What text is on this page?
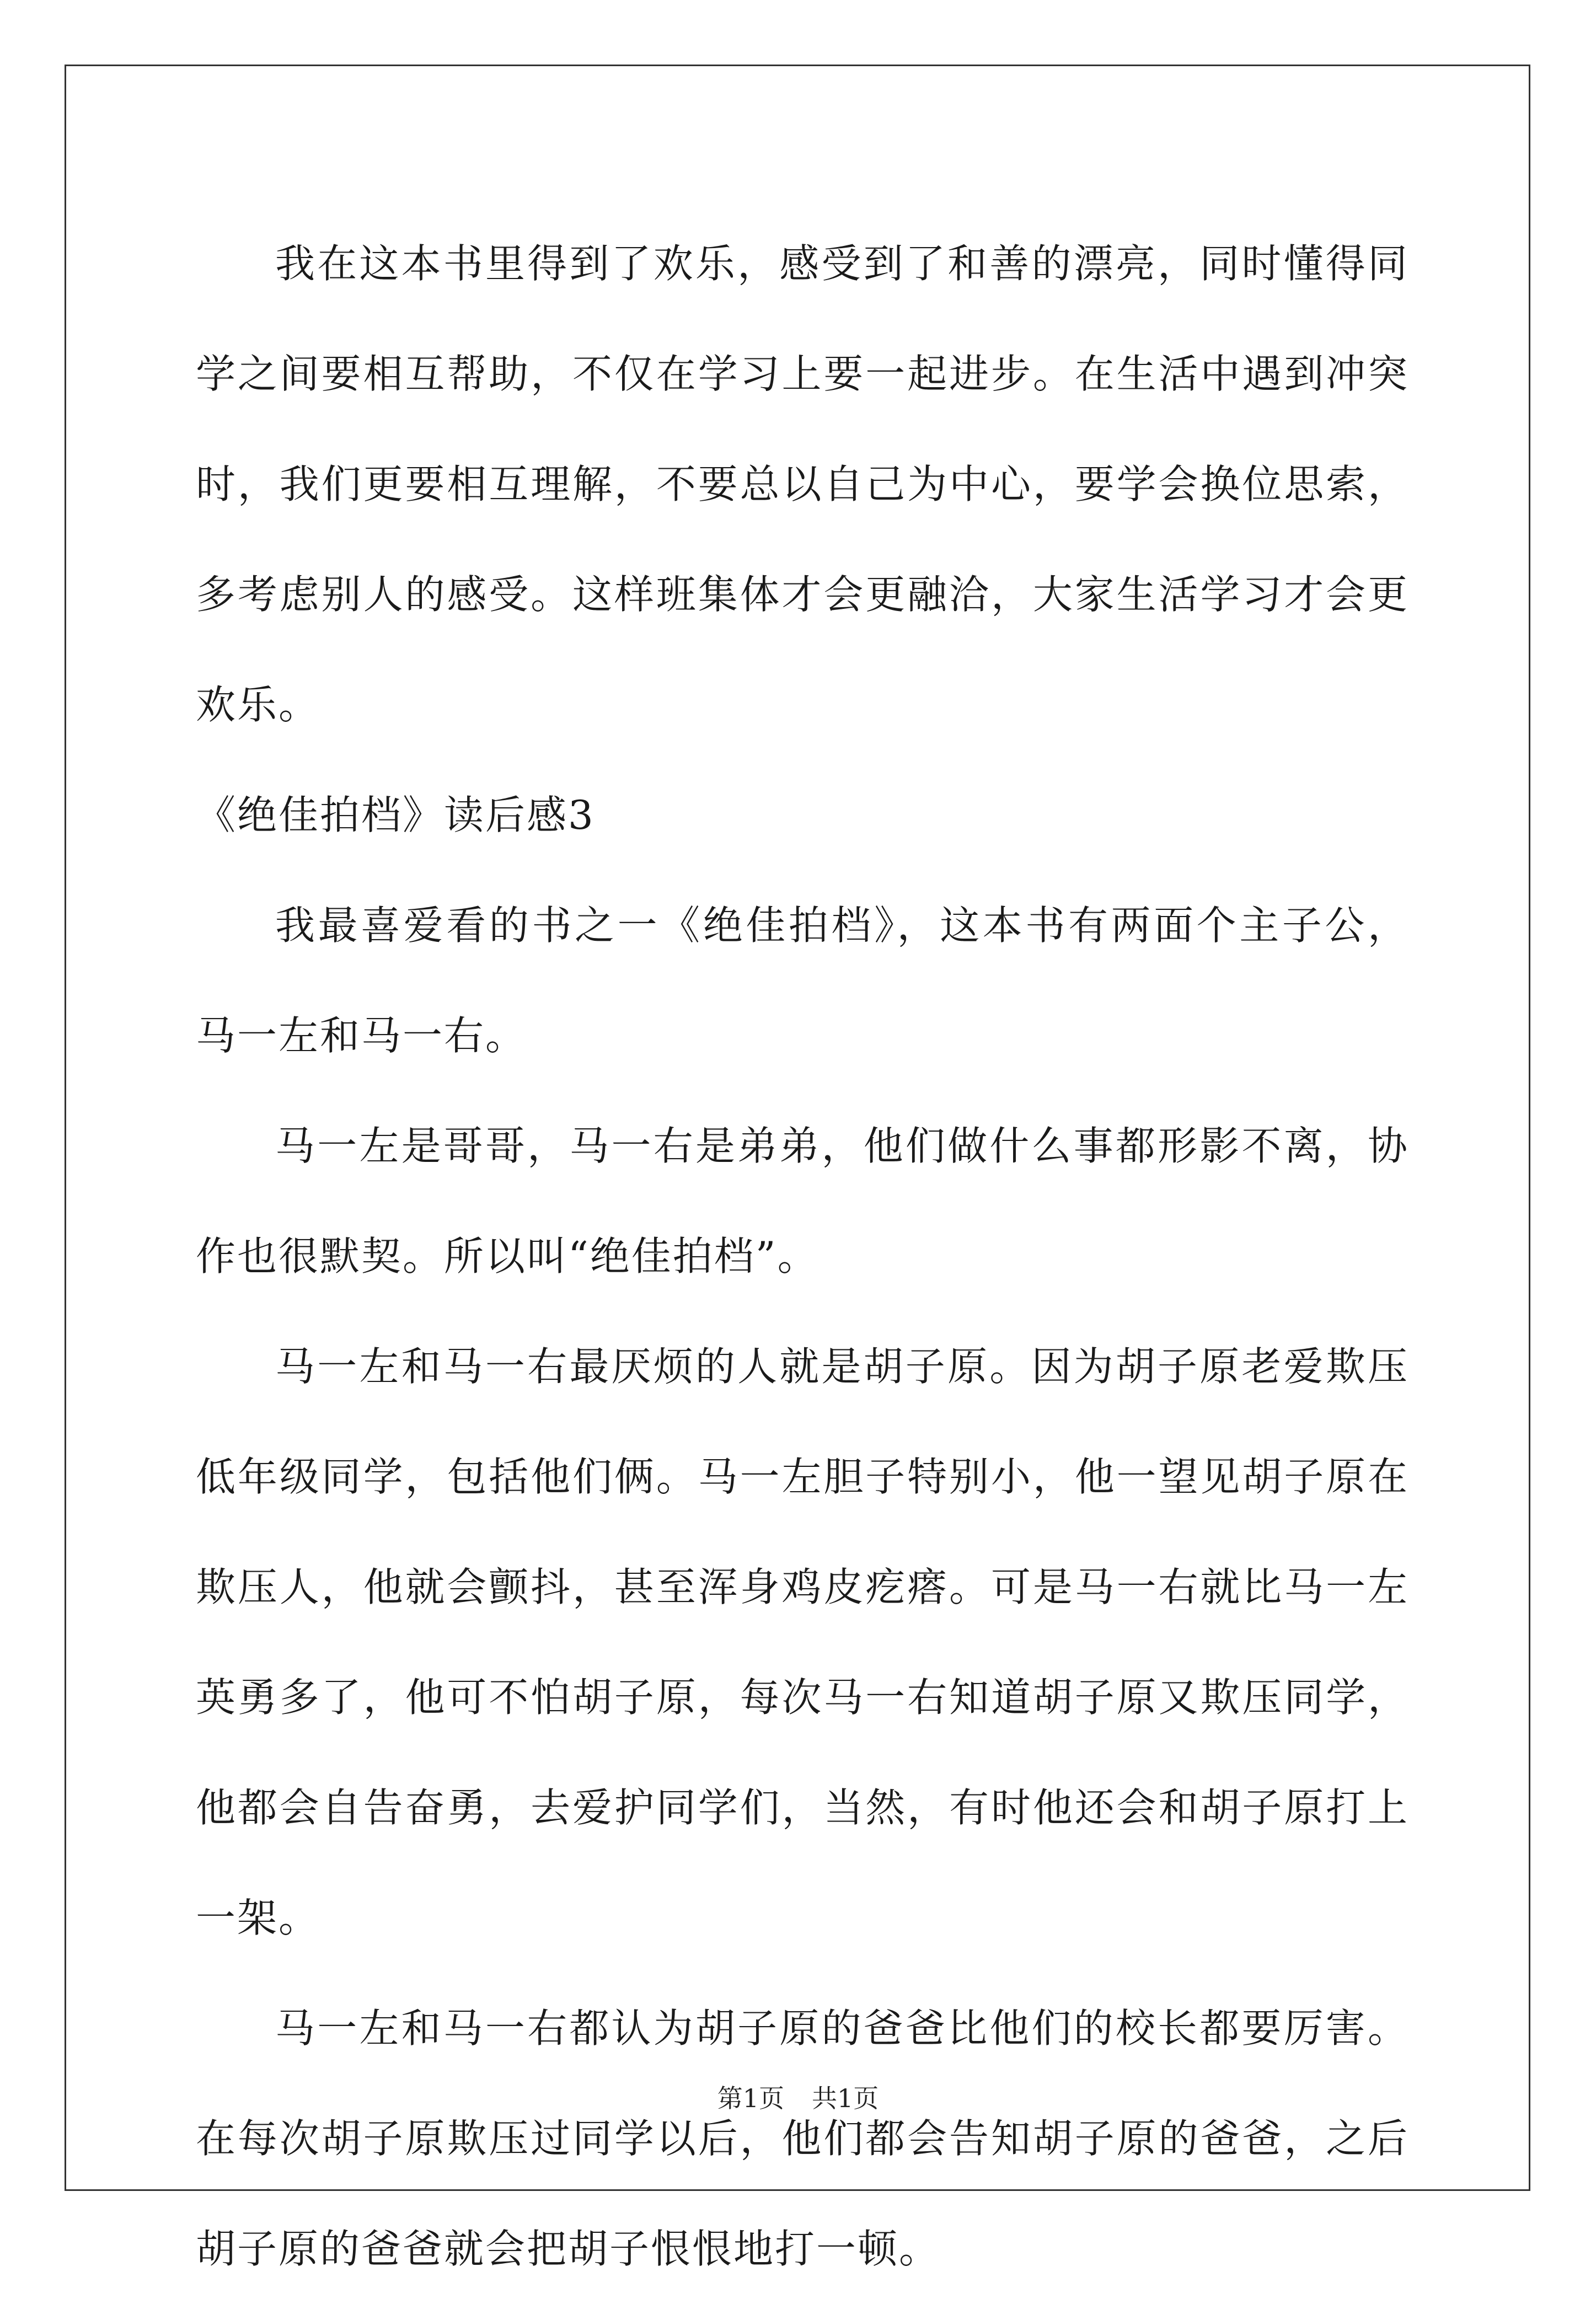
我在这本书里得到了欢乐，感受到了和善的漂亮，同时懂得同学之间要相互帮助，不仅在学习上要一起进步。在生活中遇到冲突时，我们更要相互理解，不要总以自己为中心，要学会换位思索，多考虑别人的感受。这样班集体才会更融洽，大家生活学习才会更欢乐。

《绝佳拍档》读后感3

我最喜爱看的书之一《绝佳拍档》，这本书有两面个主子公，马一左和马一右。

马一左是哥哥，马一右是弟弟，他们做什么事都形影不离，协作也很默契。所以叫“绝佳拍档”。

马一左和马一右最厌烦的人就是胡子原。因为胡子原老爱欺压低年级同学，包括他们俩。马一左胆子特别小，他一望见胡子原在欺压人，他就会颤抖，甚至浑身鸡皮疙瘩。可是马一右就比马一左英勇多了，他可不怕胡子原，每次马一右知道胡子原又欺压同学，他都会自告奋勇，去爱护同学们，当然，有时他还会和胡子原打上一架。

马一左和马一右都认为胡子原的爸爸比他们的校长都要厉害。在每次胡子原欺压过同学以后，他们都会告知胡子原的爸爸，之后胡子原的爸爸就会把胡子恨恨地打一顿。

第1页 共1页
